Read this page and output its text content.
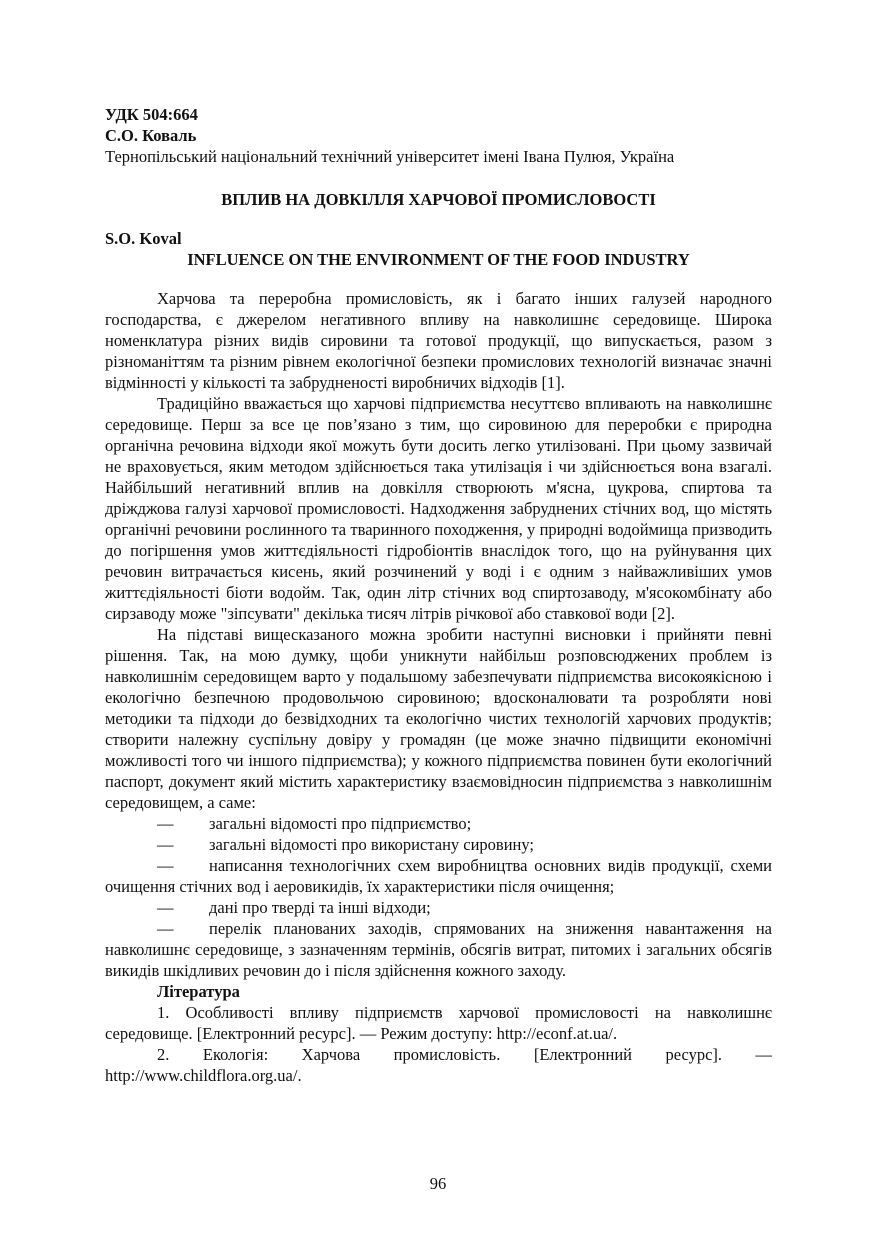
УДК 504:664
С.О. Коваль
Тернопільський національний технічний університет імені Івана Пулюя, Україна
ВПЛИВ НА ДОВКІЛЛЯ ХАРЧОВОЇ ПРОМИСЛОВОСТІ
S.O. Koval
INFLUENCE ON THE ENVIRONMENT OF THE FOOD INDUSTRY

Харчова та переробна промисловість, як і багато інших галузей народного господарства, є джерелом негативного впливу на навколишнє середовище. Широка номенклатура різних видів сировини та готової продукції, що випускається, разом з різноманіттям та різним рівнем екологічної безпеки промислових технологій визначає значні відмінності у кількості та забрудненості виробничих відходів [1].

Традиційно вважається що харчові підприємства несуттєво впливають на навколишнє середовище. Перш за все це пов’язано з тим, що сировиною для переробки є природна органічна речовина відходи якої можуть бути досить легко утилізовані. При цьому зазвичай не враховується, яким методом здійснюється така утилізація і чи здійснюється вона взагалі. Найбільший негативний вплив на довкілля створюють м'ясна, цукрова, спиртова та дріжджова галузі харчової промисловості. Надходження забруднених стічних вод, що містять органічні речовини рослинного та тваринного походження, у природні водоймища призводить до погіршення умов життєдіяльності гідробіонтів внаслідок того, що на руйнування цих речовин витрачається кисень, який розчинений у воді і є одним з найважливіших умов життєдіяльності біоти водойм. Так, один літр стічних вод спиртозаводу, м'ясокомбінату або сирзаводу може "зіпсувати" декілька тисяч літрів річкової або ставкової води [2].

На підставі вищесказаного можна зробити наступні висновки і прийняти певні рішення. Так, на мою думку, щоби уникнути найбільш розповсюджених проблем із навколишнім середовищем варто у подальшому забезпечувати підприємства високоякісною і екологічно безпечною продовольчою сировиною; вдосконалювати та розробляти нові методики та підходи до безвідходних та екологічно чистих технологій харчових продуктів; створити належну суспільну довіру у громадян (це може значно підвищити економічні можливості того чи іншого підприємства); у кожного підприємства повинен бути екологічний паспорт, документ який містить характеристику взаємовідносин підприємства з навколишнім середовищем, а саме:

— загальні відомості про підприємство;

— загальні відомості про використану сировину;

— написання технологічних схем виробництва основних видів продукції, схеми очищення стічних вод і аеровикидів, їх характеристики після очищення;

— дані про тверді та інші відходи;

— перелік планованих заходів, спрямованих на зниження навантаження на навколишнє середовище, з зазначенням термінів, обсягів витрат, питомих і загальних обсягів викидів шкідливих речовин до і після здійснення кожного заходу.

Література

1. Особливості впливу підприємств харчової промисловості на навколишнє середовище. [Електронний ресурс]. — Режим доступу: http://econf.at.ua/.

2. Екологія: Харчова промисловість. [Електронний ресурс]. — http://www.childflora.org.ua/.

96
